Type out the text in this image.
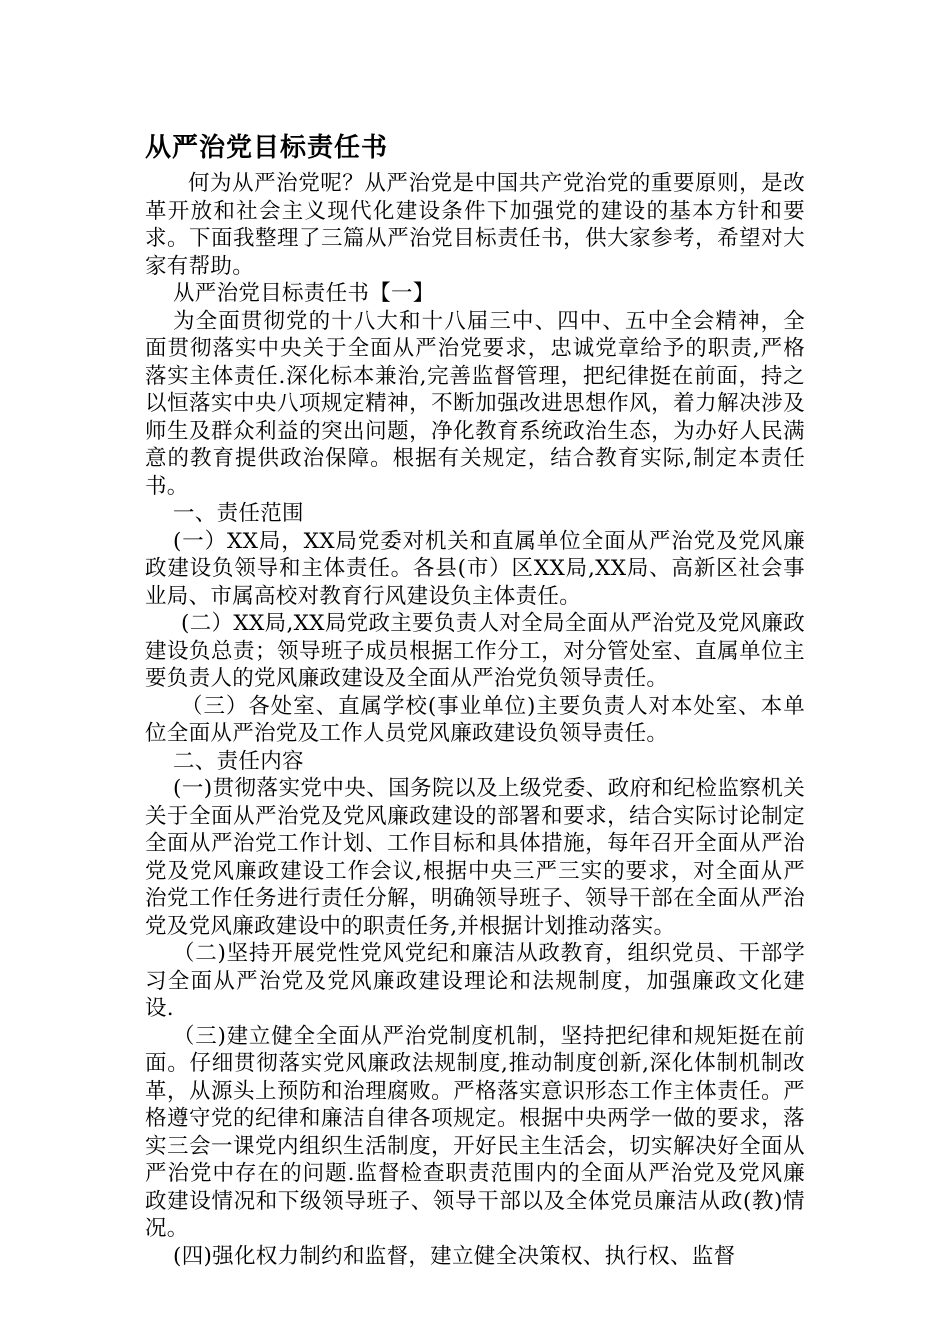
从严治党目标责任书

何为从严治党呢？从严治党是中国共产党治党的重要原则，是改革开放和社会主义现代化建设条件下加强党的建设的基本方针和要求。下面我整理了三篇从严治党目标责任书，供大家参考，希望对大家有帮助。

从严治党目标责任书【一】

为全面贯彻党的十八大和十八届三中、四中、五中全会精神，全面贯彻落实中央关于全面从严治党要求，忠诚党章给予的职责,严格落实主体责任.深化标本兼治,完善监督管理，把纪律挺在前面，持之以恒落实中央八项规定精神，不断加强改进思想作风，着力解决涉及师生及群众利益的突出问题，净化教育系统政治生态，为办好人民满意的教育提供政治保障。根据有关规定，结合教育实际,制定本责任书。

一、责任范围

(一）XX局，XX局党委对机关和直属单位全面从严治党及党风廉政建设负领导和主体责任。各县(市）区XX局,XX局、高新区社会事业局、市属高校对教育行风建设负主体责任。

(二）XX局,XX局党政主要负责人对全局全面从严治党及党风廉政建设负总责；领导班子成员根据工作分工，对分管处室、直属单位主要负责人的党风廉政建设及全面从严治党负领导责任。

（三）各处室、直属学校(事业单位)主要负责人对本处室、本单位全面从严治党及工作人员党风廉政建设负领导责任。

二、责任内容

(一)贯彻落实党中央、国务院以及上级党委、政府和纪检监察机关关于全面从严治党及党风廉政建设的部署和要求，结合实际讨论制定全面从严治党工作计划、工作目标和具体措施，每年召开全面从严治党及党风廉政建设工作会议,根据中央三严三实的要求，对全面从严治党工作任务进行责任分解，明确领导班子、领导干部在全面从严治党及党风廉政建设中的职责任务,并根据计划推动落实。

（二)坚持开展党性党风党纪和廉洁从政教育，组织党员、干部学习全面从严治党及党风廉政建设理论和法规制度，加强廉政文化建设.

（三)建立健全全面从严治党制度机制，坚持把纪律和规矩挺在前面。仔细贯彻落实党风廉政法规制度,推动制度创新,深化体制机制改革，从源头上预防和治理腐败。严格落实意识形态工作主体责任。严格遵守党的纪律和廉洁自律各项规定。根据中央两学一做的要求，落实三会一课党内组织生活制度，开好民主生活会，切实解决好全面从严治党中存在的问题.监督检查职责范围内的全面从严治党及党风廉政建设情况和下级领导班子、领导干部以及全体党员廉洁从政(教)情况。

(四)强化权力制约和监督，建立健全决策权、执行权、监督
